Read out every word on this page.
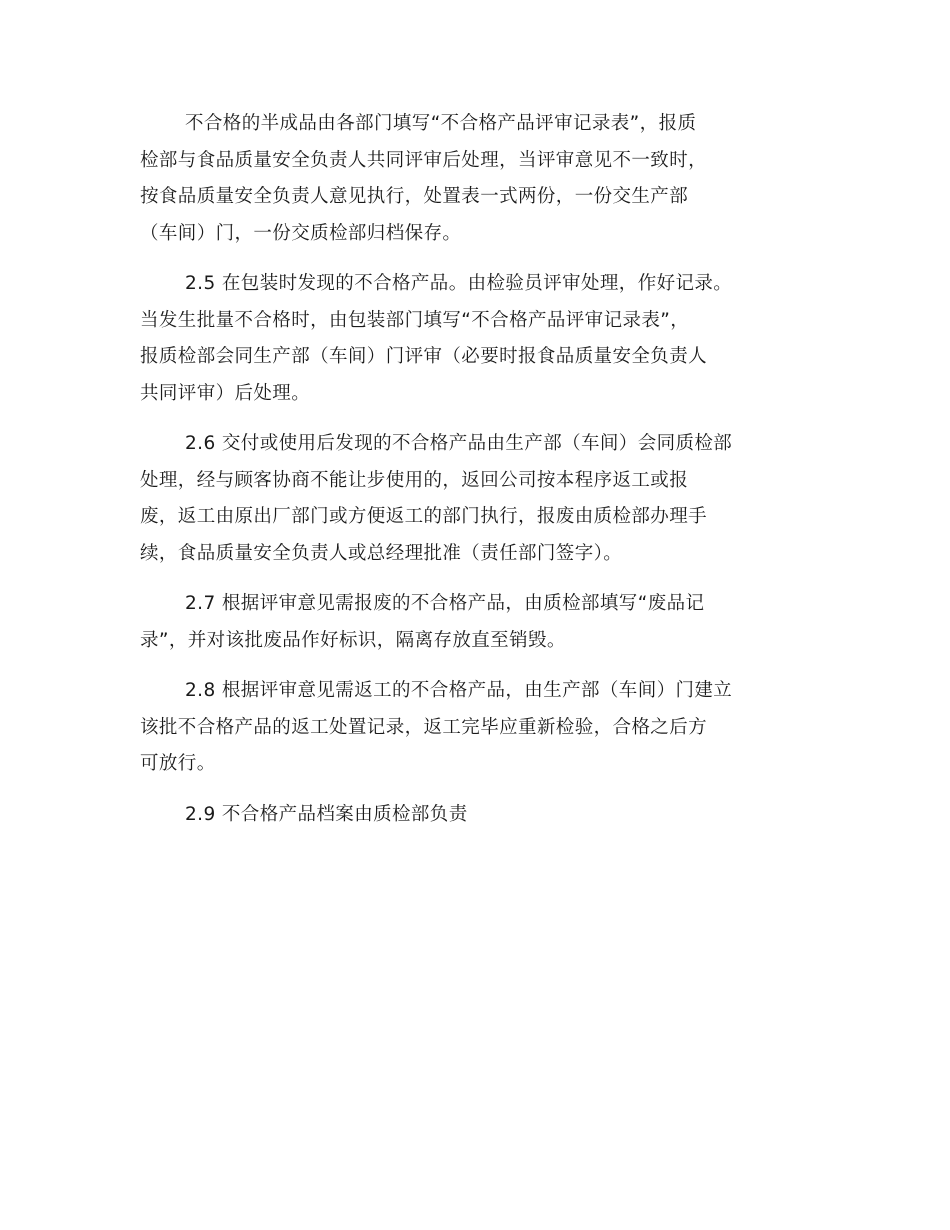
不合格的半成品由各部门填写“不合格产品评审记录表”，报质
检部与食品质量安全负责人共同评审后处理，当评审意见不一致时，
按食品质量安全负责人意见执行，处置表一式两份，一份交生产部
（车间）门，一份交质检部归档保存。

2.5 在包装时发现的不合格产品。由检验员评审处理，作好记录。
当发生批量不合格时，由包装部门填写“不合格产品评审记录表”，
报质检部会同生产部（车间）门评审（必要时报食品质量安全负责人
共同评审）后处理。

2.6 交付或使用后发现的不合格产品由生产部（车间）会同质检部
处理，经与顾客协商不能让步使用的，返回公司按本程序返工或报
废，返工由原出厂部门或方便返工的部门执行，报废由质检部办理手
续，食品质量安全负责人或总经理批准（责任部门签字）。

2.7 根据评审意见需报废的不合格产品，由质检部填写“废品记
录”，并对该批废品作好标识，隔离存放直至销毁。

2.8 根据评审意见需返工的不合格产品，由生产部（车间）门建立
该批不合格产品的返工处置记录，返工完毕应重新检验，合格之后方
可放行。

2.9 不合格产品档案由质检部负责
